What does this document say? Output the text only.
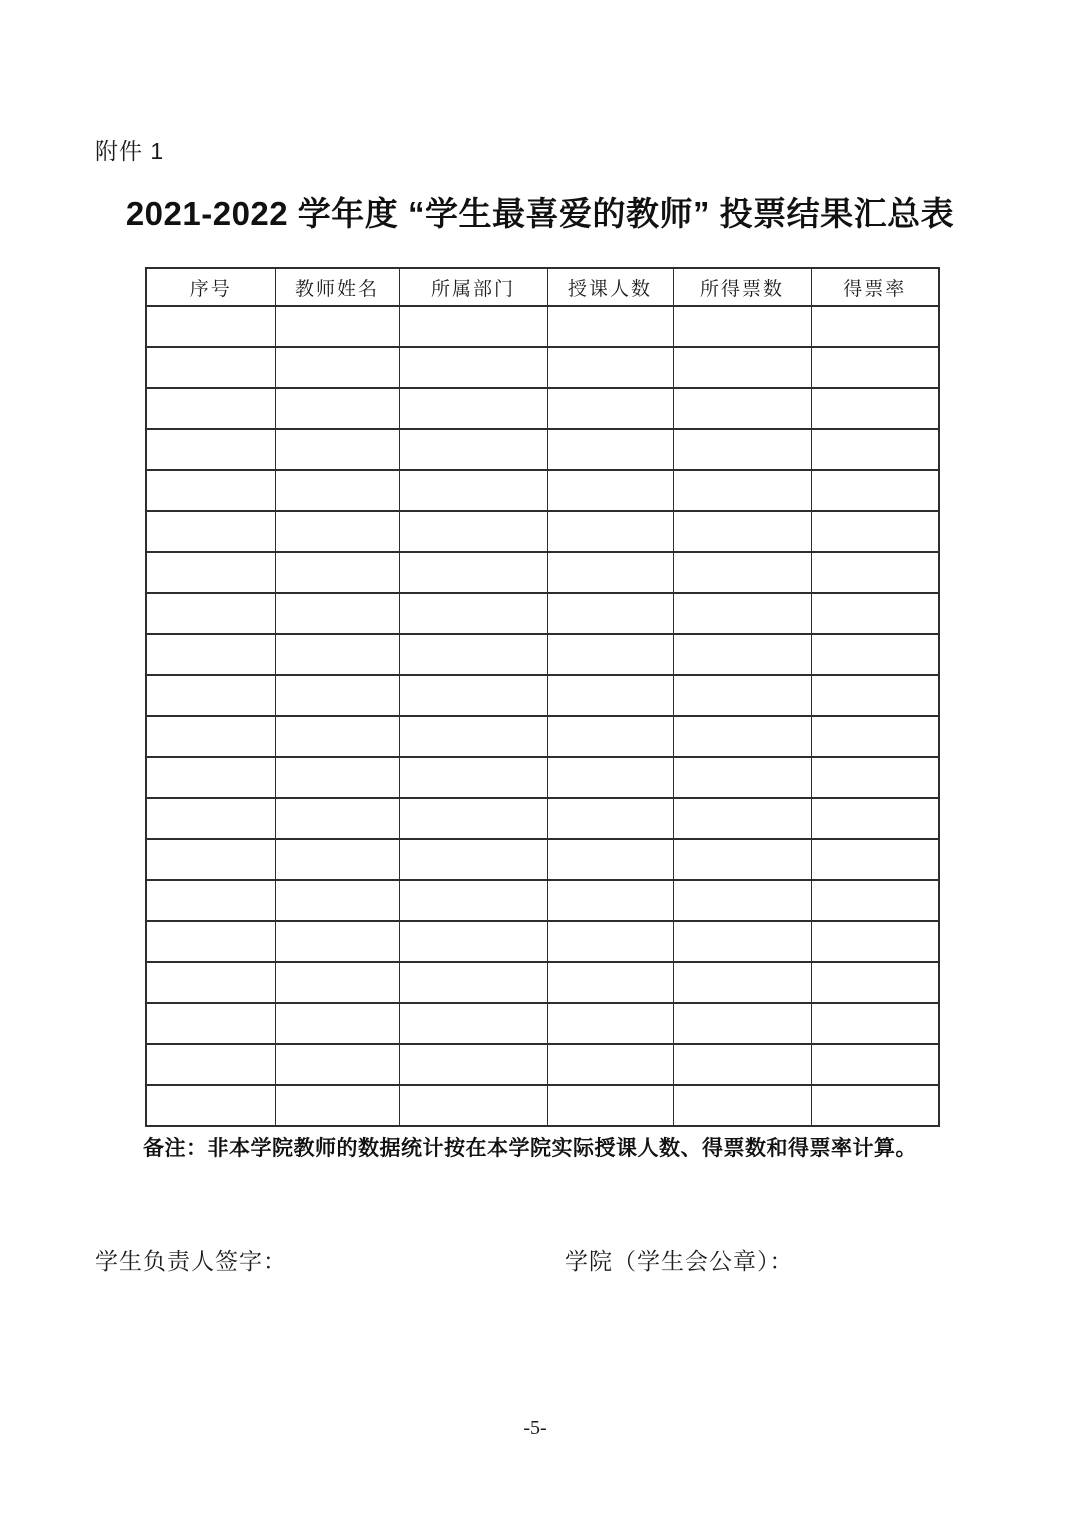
附件 1
2021-2022 学年度 “学生最喜爱的教师” 投票结果汇总表
序号	教师姓名	所属部门	授课人数	所得票数	得票率

备注：非本学院教师的数据统计按在本学院实际授课人数、得票数和得票率计算。
学生负责人签字：	学院（学生会公章）：
-5-
